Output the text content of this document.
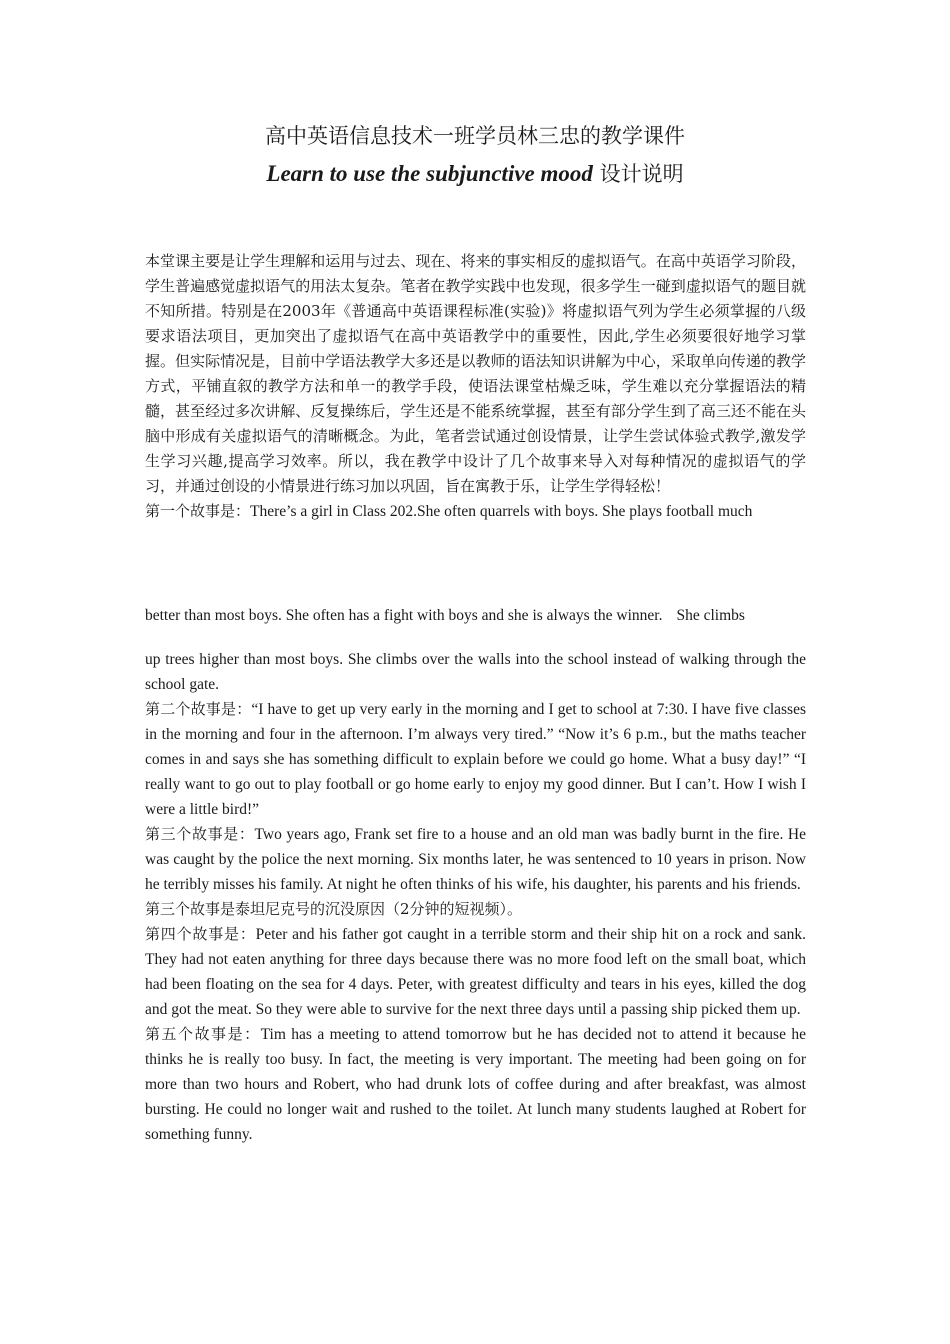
高中英语信息技术一班学员林三忠的教学课件
Learn to use the subjunctive mood 设计说明

本堂课主要是让学生理解和运用与过去、现在、将来的事实相反的虚拟语气。在高中英语学习阶段，学生普遍感觉虚拟语气的用法太复杂。笔者在教学实践中也发现，很多学生一碰到虚拟语气的题目就不知所措。特别是在2003年《普通高中英语课程标准(实验)》将虚拟语气列为学生必须掌握的八级要求语法项目，更加突出了虚拟语气在高中英语教学中的重要性，因此,学生必须要很好地学习掌握。但实际情况是，目前中学语法教学大多还是以教师的语法知识讲解为中心，采取单向传递的教学方式，平铺直叙的教学方法和单一的教学手段，使语法课堂枯燥乏味，学生难以充分掌握语法的精髓，甚至经过多次讲解、反复操练后，学生还是不能系统掌握，甚至有部分学生到了高三还不能在头脑中形成有关虚拟语气的清晰概念。为此，笔者尝试通过创设情景，让学生尝试体验式教学,激发学生学习兴趣,提高学习效率。所以，我在教学中设计了几个故事来导入对每种情况的虚拟语气的学习，并通过创设的小情景进行练习加以巩固，旨在寓教于乐，让学生学得轻松！

第一个故事是：There’s a girl in Class 202.She often quarrels with boys. She plays football much

better than most boys. She often has a fight with boys and she is always the winner. She climbs

up trees higher than most boys. She climbs over the walls into the school instead of walking through the school gate.

第二个故事是：“I have to get up very early in the morning and I get to school at 7:30. I have five classes in the morning and four in the afternoon. I’m always very tired.” “Now it’s 6 p.m., but the maths teacher comes in and says she has something difficult to explain before we could go home. What a busy day!” “I really want to go out to play football or go home early to enjoy my good dinner. But I can’t. How I wish I were a little bird!”

第三个故事是：Two years ago, Frank set fire to a house and an old man was badly burnt in the fire. He was caught by the police the next morning. Six months later, he was sentenced to 10 years in prison. Now he terribly misses his family. At night he often thinks of his wife, his daughter, his parents and his friends.

第三个故事是泰坦尼克号的沉没原因（2分钟的短视频）。

第四个故事是：Peter and his father got caught in a terrible storm and their ship hit on a rock and sank. They had not eaten anything for three days because there was no more food left on the small boat, which had been floating on the sea for 4 days. Peter, with greatest difficulty and tears in his eyes, killed the dog and got the meat. So they were able to survive for the next three days until a passing ship picked them up.

第五个故事是：Tim has a meeting to attend tomorrow but he has decided not to attend it because he thinks he is really too busy. In fact, the meeting is very important. The meeting had been going on for more than two hours and Robert, who had drunk lots of coffee during and after breakfast, was almost bursting. He could no longer wait and rushed to the toilet. At lunch many students laughed at Robert for something funny.
